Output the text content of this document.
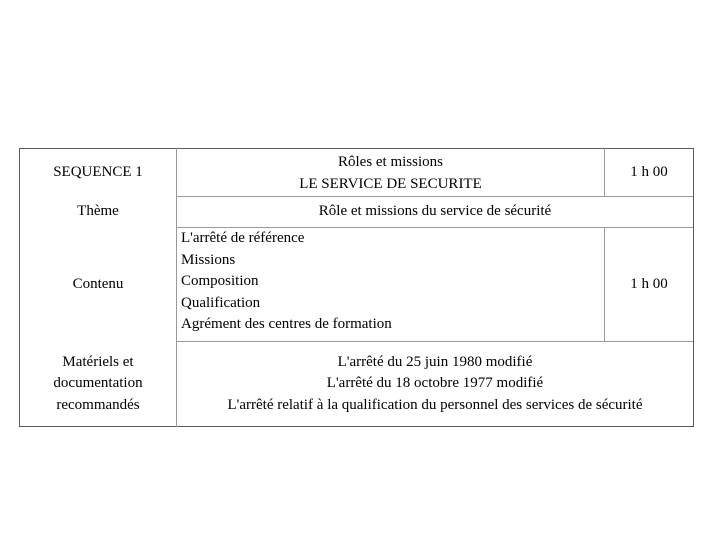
SEQUENCE 1
Rôles et missions
LE SERVICE DE SECURITE
1 h 00
Thème	Rôle et missions du service de sécurité
Contenu
L'arrêté de référence
Missions
Composition
Qualification
Agrément des centres de formation
1 h 00
Matériels et
documentation
recommandés
L'arrêté du 25 juin 1980 modifié
L'arrêté du 18 octobre 1977 modifié
L'arrêté relatif à la qualification du personnel des services de sécurité
